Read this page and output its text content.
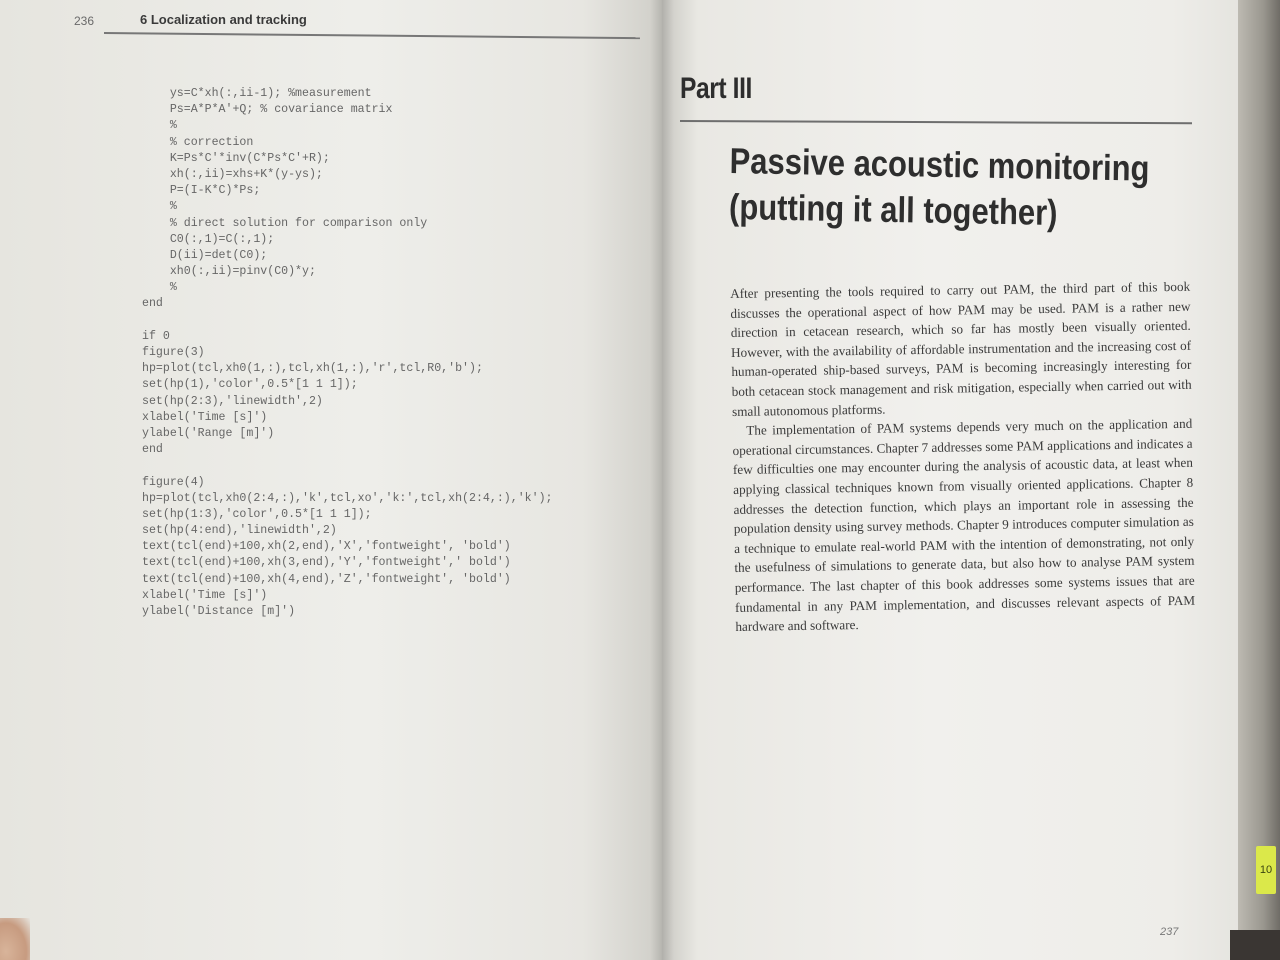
236	6 Localization and tracking
ys=C*xh(:,ii-1); %measurement
Ps=A*P*A'+Q; % covariance matrix
%
% correction
K=Ps*C'*inv(C*Ps*C'+R);
xh(:,ii)=xhs+K*(y-ys);
P=(I-K*C)*Ps;
%
% direct solution for comparison only
C0(:,1)=C(:,1);
D(ii)=det(C0);
xh0(:,ii)=pinv(C0)*y;
%
end
if 0
figure(3)
hp=plot(tcl,xh0(1,:),tcl,xh(1,:),'r',tcl,R0,'b');
set(hp(1),'color',0.5*[1 1 1]);
set(hp(2:3),'linewidth',2)
xlabel('Time [s]')
ylabel('Range [m]')
end
figure(4)
hp=plot(tcl,xh0(2:4,:),'k',tcl,xo','k:',tcl,xh(2:4,:),'k');
set(hp(1:3),'color',0.5*[1 1 1]);
set(hp(4:end),'linewidth',2)
text(tcl(end)+100,xh(2,end),'X','fontweight', 'bold')
text(tcl(end)+100,xh(3,end),'Y','fontweight',' bold')
text(tcl(end)+100,xh(4,end),'Z','fontweight', 'bold')
xlabel('Time [s]')
ylabel('Distance [m]')
Part III
Passive acoustic monitoring
(putting it all together)

After presenting the tools required to carry out PAM, the third part of this book discusses the operational aspect of how PAM may be used. PAM is a rather new direction in cetacean research, which so far has mostly been visually oriented. However, with the availability of affordable instrumentation and the increasing cost of human-operated ship-based surveys, PAM is becoming increasingly interesting for both cetacean stock management and risk mitigation, especially when carried out with small autonomous platforms.

The implementation of PAM systems depends very much on the application and operational circumstances. Chapter 7 addresses some PAM applications and indicates a few difficulties one may encounter during the analysis of acoustic data, at least when applying classical techniques known from visually oriented applications. Chapter 8 addresses the detection function, which plays an important role in assessing the population density using survey methods. Chapter 9 introduces computer simulation as a technique to emulate real-world PAM with the intention of demonstrating, not only the usefulness of simulations to generate data, but also how to analyse PAM system performance. The last chapter of this book addresses some systems issues that are fundamental in any PAM implementation, and discusses relevant aspects of PAM hardware and software.

237
10
